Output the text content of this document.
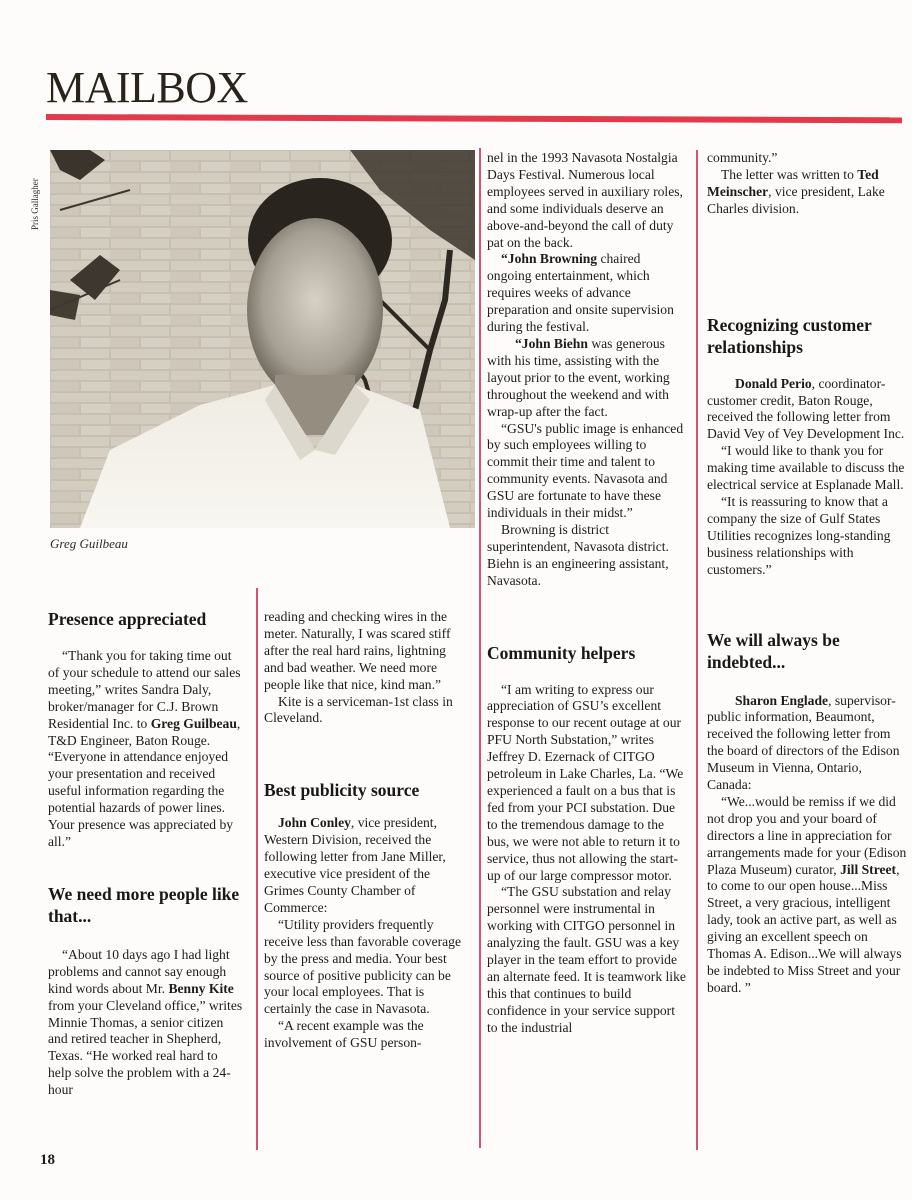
MAILBOX
Pris Gallagher
Greg Guilbeau
Presence appreciated

“Thank you for taking time out of your schedule to attend our sales meeting,” writes Sandra Daly, broker/manager for C.J. Brown Residential Inc. to Greg Guilbeau, T&D Engineer, Baton Rouge. “Everyone in attendance enjoyed your presentation and received useful information regarding the potential hazards of power lines. Your presence was appreciated by all.”

We need more people like that...

“About 10 days ago I had light problems and cannot say enough kind words about Mr. Benny Kite from your Cleveland office,” writes Minnie Thomas, a senior citizen and retired teacher in Shepherd, Texas. “He worked real hard to help solve the problem with a 24-hour

reading and checking wires in the meter. Naturally, I was scared stiff after the real hard rains, lightning and bad weather. We need more people like that nice, kind man.”

Kite is a serviceman-1st class in Cleveland.

Best publicity source

John Conley, vice president, Western Division, received the following letter from Jane Miller, executive vice president of the Grimes County Chamber of Commerce:

“Utility providers frequently receive less than favorable coverage by the press and media. Your best source of positive publicity can be your local employees. That is certainly the case in Navasota.

“A recent example was the involvement of GSU person-

nel in the 1993 Navasota Nostalgia Days Festival. Numerous local employees served in auxiliary roles, and some individuals deserve an above-and-beyond the call of duty pat on the back.

“John Browning chaired ongoing entertainment, which requires weeks of advance preparation and onsite supervision during the festival.

“John Biehn was generous with his time, assisting with the layout prior to the event, working throughout the weekend and with wrap-up after the fact.

“GSU's public image is enhanced by such employees willing to commit their time and talent to community events. Navasota and GSU are fortunate to have these individuals in their midst.”

Browning is district superintendent, Navasota district. Biehn is an engineering assistant, Navasota.

Community helpers

“I am writing to express our appreciation of GSU’s excellent response to our recent outage at our PFU North Substation,” writes Jeffrey D. Ezernack of CITGO petroleum in Lake Charles, La. “We experienced a fault on a bus that is fed from your PCI substation. Due to the tremendous damage to the bus, we were not able to return it to service, thus not allowing the start-up of our large compressor motor.

“The GSU substation and relay personnel were instrumental in working with CITGO personnel in analyzing the fault. GSU was a key player in the team effort to provide an alternate feed. It is teamwork like this that continues to build confidence in your service support to the industrial

community.”

The letter was written to Ted Meinscher, vice president, Lake Charles division.

Recognizing customer relationships

Donald Perio, coordinator-customer credit, Baton Rouge, received the following letter from David Vey of Vey Development Inc.

“I would like to thank you for making time available to discuss the electrical service at Esplanade Mall.

“It is reassuring to know that a company the size of Gulf States Utilities recognizes long-standing business relationships with customers.”

We will always be indebted...

Sharon Englade, supervisor-public information, Beaumont, received the following letter from the board of directors of the Edison Museum in Vienna, Ontario, Canada:

“We...would be remiss if we did not drop you and your board of directors a line in appreciation for arrangements made for your (Edison Plaza Museum) curator, Jill Street, to come to our open house...Miss Street, a very gracious, intelligent lady, took an active part, as well as giving an excellent speech on Thomas A. Edison...We will always be indebted to Miss Street and your board. ”

18
